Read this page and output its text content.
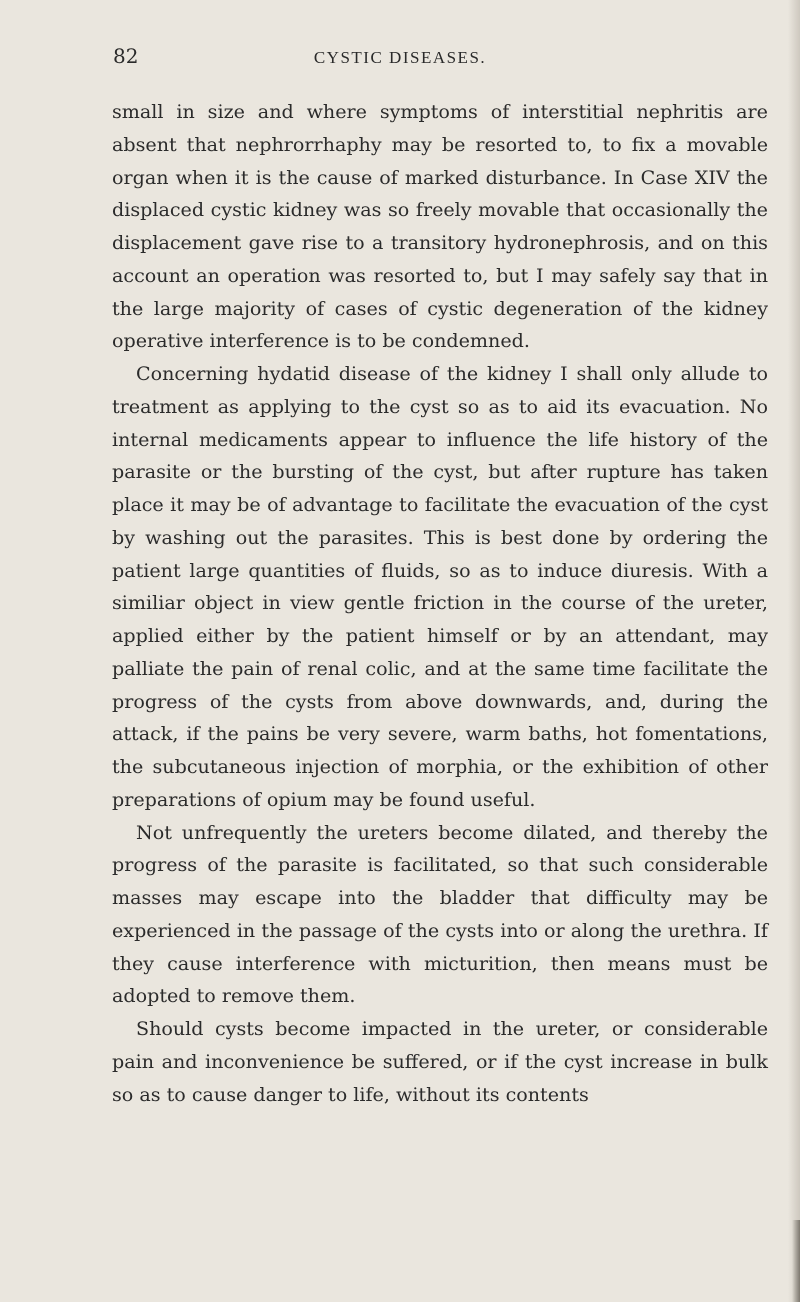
82	CYSTIC DISEASES.

small in size and where symptoms of interstitial nephritis are absent that nephrorrhaphy may be resorted to, to fix a movable organ when it is the cause of marked disturbance. In Case XIV the displaced cystic kidney was so freely movable that occasionally the displacement gave rise to a transitory hydronephrosis, and on this account an operation was resorted to, but I may safely say that in the large majority of cases of cystic degeneration of the kidney operative interference is to be condemned.

Concerning hydatid disease of the kidney I shall only allude to treatment as applying to the cyst so as to aid its evacuation. No internal medicaments appear to influence the life history of the parasite or the bursting of the cyst, but after rupture has taken place it may be of advantage to facilitate the evacuation of the cyst by washing out the parasites. This is best done by ordering the patient large quantities of fluids, so as to induce diuresis. With a similiar object in view gentle friction in the course of the ureter, applied either by the patient himself or by an attendant, may palliate the pain of renal colic, and at the same time facilitate the progress of the cysts from above downwards, and, during the attack, if the pains be very severe, warm baths, hot fomentations, the subcutaneous injection of morphia, or the exhibition of other preparations of opium may be found useful.

Not unfrequently the ureters become dilated, and thereby the progress of the parasite is facilitated, so that such considerable masses may escape into the bladder that difficulty may be experienced in the passage of the cysts into or along the urethra. If they cause interference with micturition, then means must be adopted to remove them.

Should cysts become impacted in the ureter, or considerable pain and inconvenience be suffered, or if the cyst increase in bulk so as to cause danger to life, without its contents
